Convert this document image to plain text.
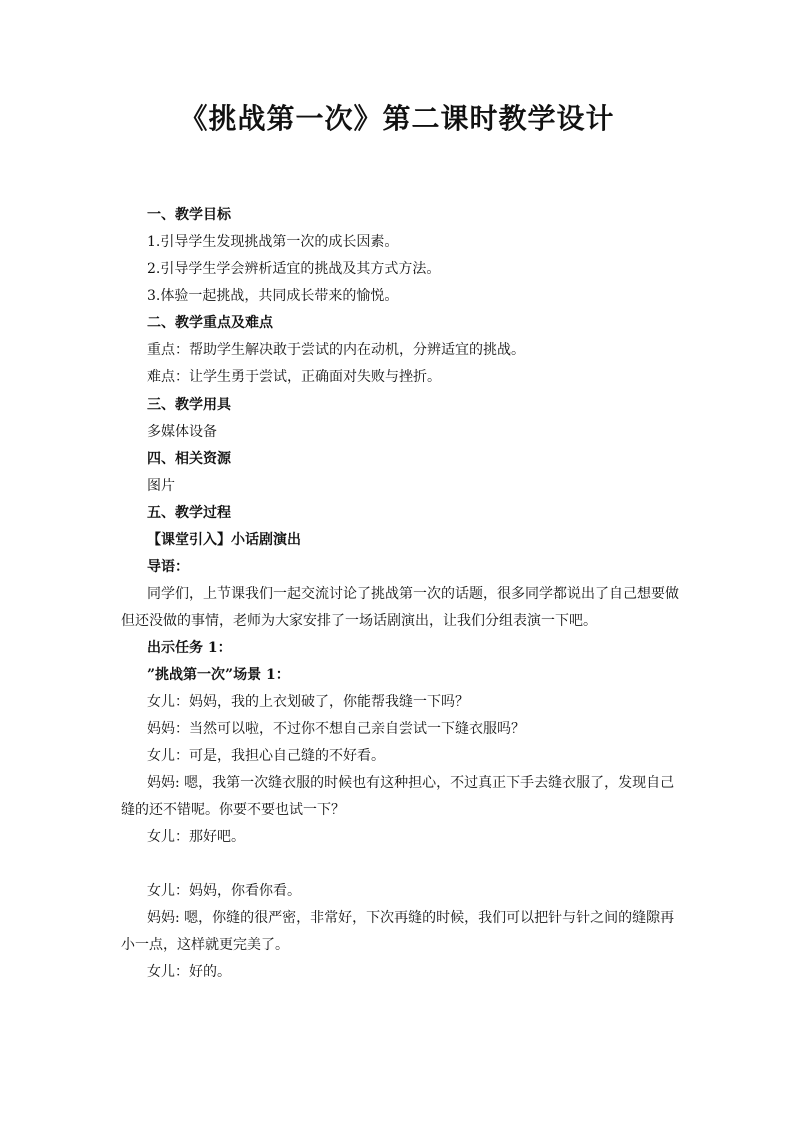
《挑战第一次》第二课时教学设计

一、教学目标

1.引导学生发现挑战第一次的成长因素。

2.引导学生学会辨析适宜的挑战及其方式方法。

3.体验一起挑战，共同成长带来的愉悦。

二、教学重点及难点

重点：帮助学生解决敢于尝试的内在动机，分辨适宜的挑战。

难点：让学生勇于尝试，正确面对失败与挫折。

三、教学用具

多媒体设备

四、相关资源

图片

五、教学过程

【课堂引入】小话剧演出

导语：

同学们，上节课我们一起交流讨论了挑战第一次的话题，很多同学都说出了自己想要做

但还没做的事情，老师为大家安排了一场话剧演出，让我们分组表演一下吧。

出示任务 1：

”挑战第一次”场景 1：

女儿：妈妈，我的上衣划破了，你能帮我缝一下吗？

妈妈：当然可以啦，不过你不想自己亲自尝试一下缝衣服吗？

女儿：可是，我担心自己缝的不好看。

妈妈: 嗯，我第一次缝衣服的时候也有这种担心，不过真正下手去缝衣服了，发现自己

缝的还不错呢。你要不要也试一下？

女儿：那好吧。

女儿：妈妈，你看你看。

妈妈: 嗯，你缝的很严密，非常好，下次再缝的时候，我们可以把针与针之间的缝隙再

小一点，这样就更完美了。

女儿：好的。
